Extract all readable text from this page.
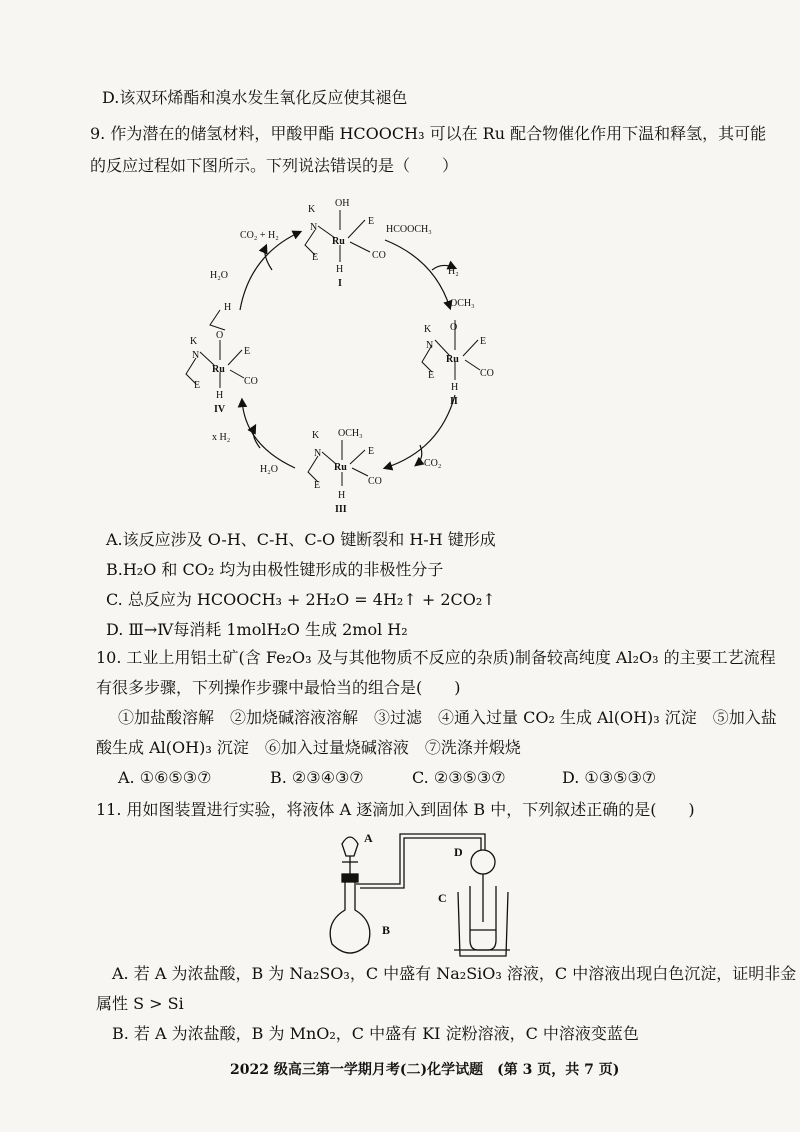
D.该双环烯酯和溴水发生氧化反应使其褪色
9. 作为潜在的储氢材料，甲酸甲酯 HCOOCH₃ 可以在 Ru 配合物催化作用下温和释氢，其可能
的反应过程如下图所示。下列说法错误的是（　　）
OH
K
N
Ru
E
E	CO
H
I
OCH₃
O
K
N
Ru
E
E	CO
H
II
OCH₃
K
N
Ru
E
E	CO
H
III
H
O
K
N
Ru
E
E	CO
H
IV
CO₂ + H₂
H₂O
HCOOCH₃
H₂
CO₂
x H₂
H₂O
A.该反应涉及 O-H、C-H、C-O 键断裂和 H-H 键形成
B.H₂O 和 CO₂ 均为由极性键形成的非极性分子
C. 总反应为 HCOOCH₃ + 2H₂O = 4H₂↑ + 2CO₂↑
D. Ⅲ→Ⅳ每消耗 1molH₂O 生成 2mol H₂
10. 工业上用铝土矿(含 Fe₂O₃ 及与其他物质不反应的杂质)制备较高纯度 Al₂O₃ 的主要工艺流程
有很多步骤，下列操作步骤中最恰当的组合是(　　)
①加盐酸溶解　②加烧碱溶液溶解　③过滤　④通入过量 CO₂ 生成 Al(OH)₃ 沉淀　⑤加入盐
酸生成 Al(OH)₃ 沉淀　⑥加入过量烧碱溶液　⑦洗涤并煅烧
A. ①⑥⑤③⑦	B. ②③④③⑦	C. ②③⑤③⑦	D. ①③⑤③⑦
11. 用如图装置进行实验，将液体 A 逐滴加入到固体 B 中，下列叙述正确的是(　　)
A
B
C
D
A. 若 A 为浓盐酸，B 为 Na₂SO₃，C 中盛有 Na₂SiO₃ 溶液，C 中溶液出现白色沉淀，证明非金
属性 S > Si
B. 若 A 为浓盐酸，B 为 MnO₂，C 中盛有 KI 淀粉溶液，C 中溶液变蓝色
2022 级高三第一学期月考(二)化学试题　(第 3 页，共 7 页)
